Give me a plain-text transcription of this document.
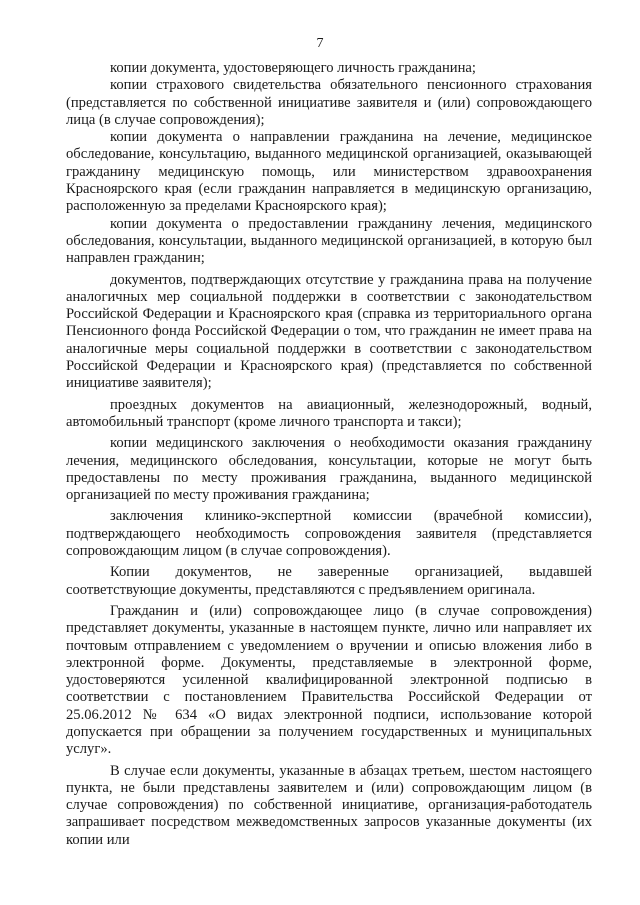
7

копии документа, удостоверяющего личность гражданина;

копии страхового свидетельства обязательного пенсионного страхования (представляется по собственной инициативе заявителя и (или) сопровождающего лица (в случае сопровождения);

копии документа о направлении гражданина на лечение, медицинское обследование, консультацию, выданного медицинской организацией, оказывающей гражданину медицинскую помощь, или министерством здравоохранения Красноярского края (если гражданин направляется в медицинскую организацию, расположенную за пределами Красноярского края);

копии документа о предоставлении гражданину лечения, медицинского обследования, консультации, выданного медицинской организацией, в которую был направлен гражданин;

документов, подтверждающих отсутствие у гражданина права на получение аналогичных мер социальной поддержки в соответствии с законодательством Российской Федерации и Красноярского края (справка из территориального органа Пенсионного фонда Российской Федерации о том, что гражданин не имеет права на аналогичные меры социальной поддержки в соответствии с законодательством Российской Федерации и Красноярского края) (представляется по собственной инициативе заявителя);

проездных документов на авиационный, железнодорожный, водный, автомобильный транспорт (кроме личного транспорта и такси);

копии медицинского заключения о необходимости оказания гражданину лечения, медицинского обследования, консультации, которые не могут быть предоставлены по месту проживания гражданина, выданного медицинской организацией по месту проживания гражданина;

заключения клинико-экспертной комиссии (врачебной комиссии), подтверждающего необходимость сопровождения заявителя (представляется сопровождающим лицом (в случае сопровождения).

Копии документов, не заверенные организацией, выдавшей соответствующие документы, представляются с предъявлением оригинала.

Гражданин и (или) сопровождающее лицо (в случае сопровождения) представляет документы, указанные в настоящем пункте, лично или направляет их почтовым отправлением с уведомлением о вручении и описью вложения либо в электронной форме. Документы, представляемые в электронной форме, удостоверяются усиленной квалифицированной электронной подписью в соответствии с постановлением Правительства Российской Федерации от 25.06.2012 № 634 «О видах электронной подписи, использование которой допускается при обращении за получением государственных и муниципальных услуг».

В случае если документы, указанные в абзацах третьем, шестом настоящего пункта, не были представлены заявителем и (или) сопровождающим лицом (в случае сопровождения) по собственной инициативе, организация-работодатель запрашивает посредством межведомственных запросов указанные документы (их копии или
